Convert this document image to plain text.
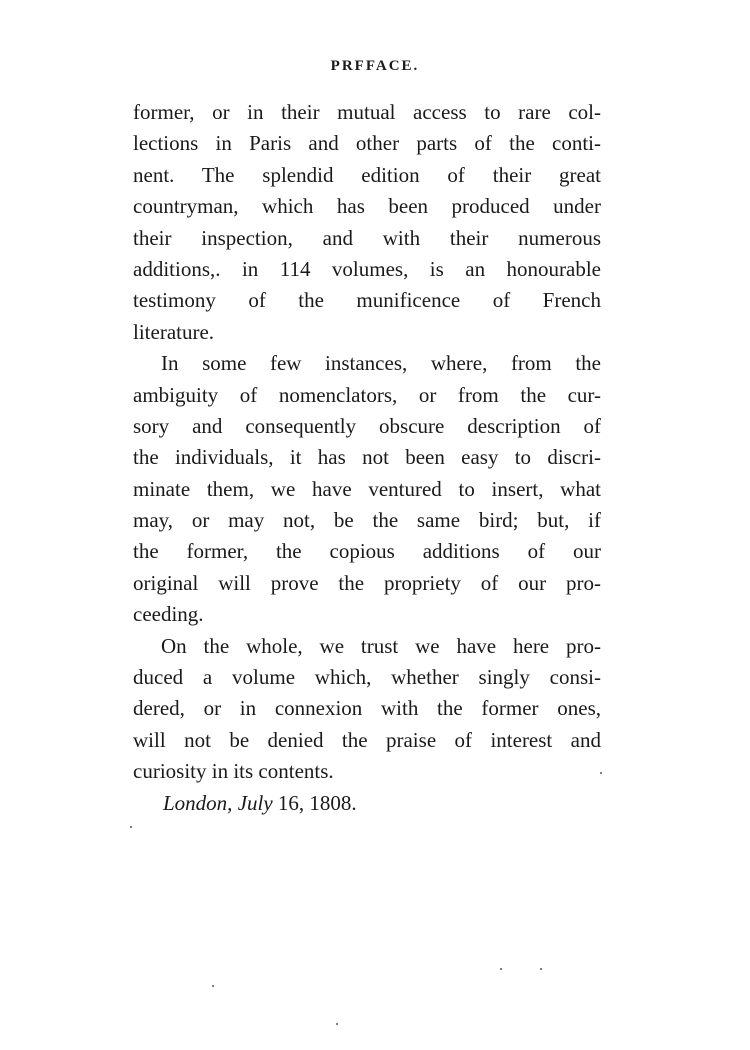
PRFFACE.
former, or in their mutual access to rare col-
lections in Paris and other parts of the conti-
nent. The splendid edition of their great
countryman, which has been produced under
their inspection, and with their numerous
additions,. in 114 volumes, is an honourable
testimony of the munificence of French
literature.
In some few instances, where, from the
ambiguity of nomenclators, or from the cur-
sory and consequently obscure description of
the individuals, it has not been easy to discri-
minate them, we have ventured to insert, what
may, or may not, be the same bird; but, if
the former, the copious additions of our
original will prove the propriety of our pro-
ceeding.
On the whole, we trust we have here pro-
duced a volume which, whether singly consi-
dered, or in connexion with the former ones,
will not be denied the praise of interest and
curiosity in its contents.
London, July 16, 1808.
